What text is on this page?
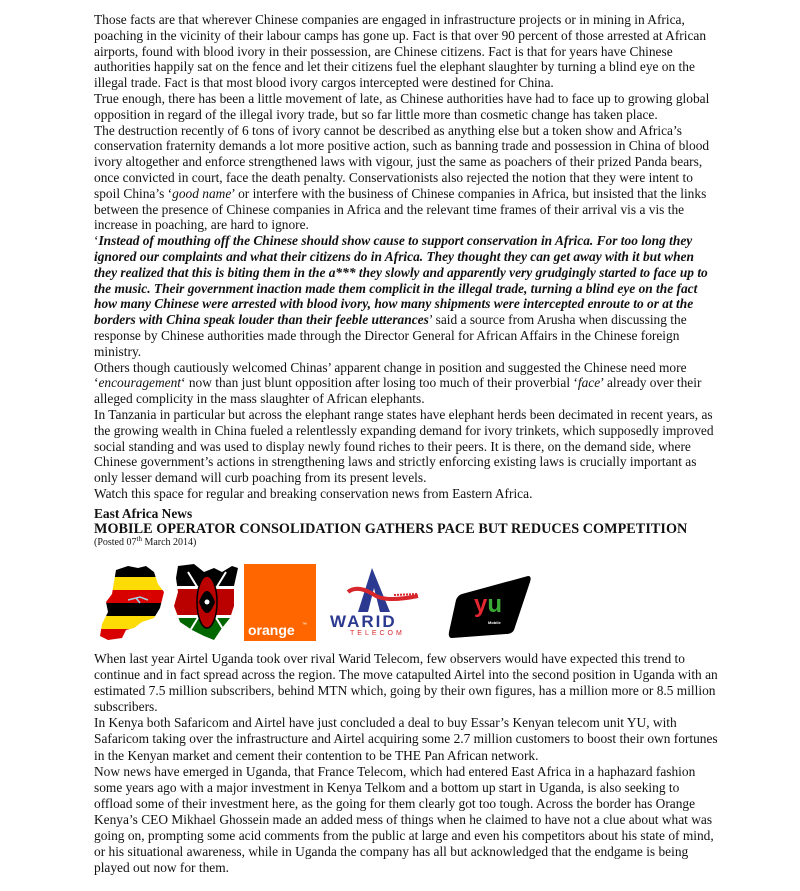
Those facts are that wherever Chinese companies are engaged in infrastructure projects or in mining in Africa, poaching in the vicinity of their labour camps has gone up. Fact is that over 90 percent of those arrested at African airports, found with blood ivory in their possession, are Chinese citizens. Fact is that for years have Chinese authorities happily sat on the fence and let their citizens fuel the elephant slaughter by turning a blind eye on the illegal trade. Fact is that most blood ivory cargos intercepted were destined for China.

True enough, there has been a little movement of late, as Chinese authorities have had to face up to growing global opposition in regard of the illegal ivory trade, but so far little more than cosmetic change has taken place.

The destruction recently of 6 tons of ivory cannot be described as anything else but a token show and Africa’s conservation fraternity demands a lot more positive action, such as banning trade and possession in China of blood ivory altogether and enforce strengthened laws with vigour, just the same as poachers of their prized Panda bears, once convicted in court, face the death penalty. Conservationists also rejected the notion that they were intent to spoil China’s ‘good name’ or interfere with the business of Chinese companies in Africa, but insisted that the links between the presence of Chinese companies in Africa and the relevant time frames of their arrival vis a vis the increase in poaching, are hard to ignore.

‘Instead of mouthing off the Chinese should show cause to support conservation in Africa. For too long they ignored our complaints and what their citizens do in Africa. They thought they can get away with it but when they realized that this is biting them in the a*** they slowly and apparently very grudgingly started to face up to the music. Their government inaction made them complicit in the illegal trade, turning a blind eye on the fact how many Chinese were arrested with blood ivory, how many shipments were intercepted enroute to or at the borders with China speak louder than their feeble utterances’ said a source from Arusha when discussing the response by Chinese authorities made through the Director General for African Affairs in the Chinese foreign ministry.

Others though cautiously welcomed Chinas’ apparent change in position and suggested the Chinese need more ‘encouragement‘ now than just blunt opposition after losing too much of their proverbial ‘face’ already over their alleged complicity in the mass slaughter of African elephants.

In Tanzania in particular but across the elephant range states have elephant herds been decimated in recent years, as the growing wealth in China fueled a relentlessly expanding demand for ivory trinkets, which supposedly improved social standing and was used to display newly found riches to their peers. It is there, on the demand side, where Chinese government’s actions in strengthening laws and strictly enforcing existing laws is crucially important as only lesser demand will curb poaching from its present levels.

Watch this space for regular and breaking conservation news from Eastern Africa.

East Africa News
MOBILE OPERATOR CONSOLIDATION GATHERS PACE BUT REDUCES COMPETITION
(Posted 07th March 2014)
orange ™ WARID
TELECOM
yu
Mobile

When last year Airtel Uganda took over rival Warid Telecom, few observers would have expected this trend to continue and in fact spread across the region. The move catapulted Airtel into the second position in Uganda with an estimated 7.5 million subscribers, behind MTN which, going by their own figures, has a million more or 8.5 million subscribers.

In Kenya both Safaricom and Airtel have just concluded a deal to buy Essar’s Kenyan telecom unit YU, with Safaricom taking over the infrastructure and Airtel acquiring some 2.7 million customers to boost their own fortunes in the Kenyan market and cement their contention to be THE Pan African network.

Now news have emerged in Uganda, that France Telecom, which had entered East Africa in a haphazard fashion some years ago with a major investment in Kenya Telkom and a bottom up start in Uganda, is also seeking to offload some of their investment here, as the going for them clearly got too tough. Across the border has Orange Kenya’s CEO Mikhael Ghossein made an added mess of things when he claimed to have not a clue about what was going on, prompting some acid comments from the public at large and even his competitors about his state of mind, or his situational awareness, while in Uganda the company has all but acknowledged that the endgame is being played out now for them.
